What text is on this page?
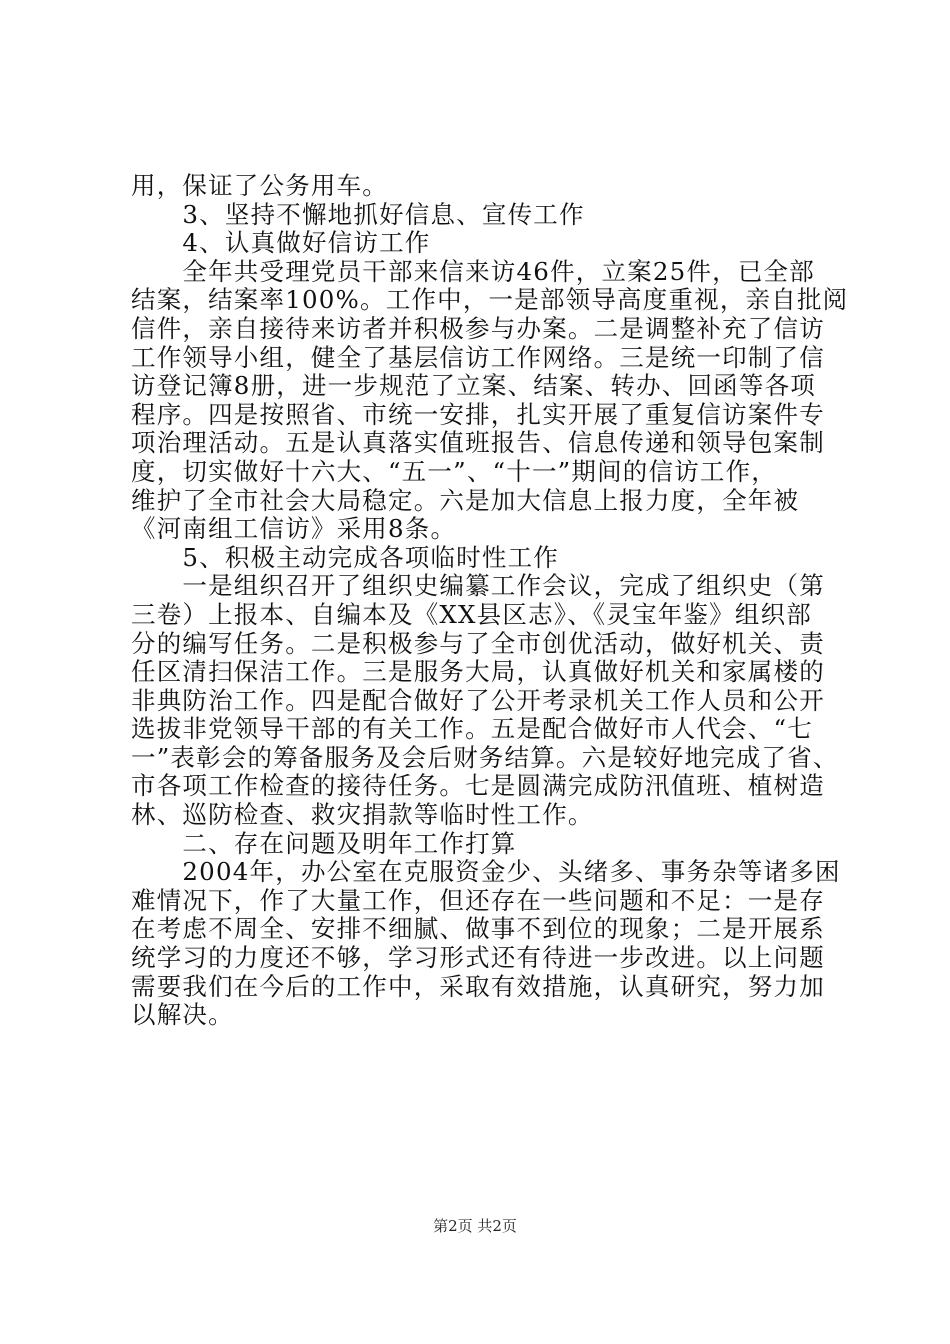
用，保证了公务用车。
　　3、坚持不懈地抓好信息、宣传工作
　　4、认真做好信访工作
　　全年共受理党员干部来信来访46件，立案25件，已全部
结案，结案率100%。工作中，一是部领导高度重视，亲自批阅
信件，亲自接待来访者并积极参与办案。二是调整补充了信访
工作领导小组，健全了基层信访工作网络。三是统一印制了信
访登记簿8册，进一步规范了立案、结案、转办、回函等各项
程序。四是按照省、市统一安排，扎实开展了重复信访案件专
项治理活动。五是认真落实值班报告、信息传递和领导包案制
度，切实做好十六大、“五一”、“十一”期间的信访工作，
维护了全市社会大局稳定。六是加大信息上报力度，全年被
《河南组工信访》采用8条。
　　5、积极主动完成各项临时性工作
　　一是组织召开了组织史编纂工作会议，完成了组织史（第
三卷）上报本、自编本及《XX县区志》、《灵宝年鉴》组织部
分的编写任务。二是积极参与了全市创优活动，做好机关、责
任区清扫保洁工作。三是服务大局，认真做好机关和家属楼的
非典防治工作。四是配合做好了公开考录机关工作人员和公开
选拔非党领导干部的有关工作。五是配合做好市人代会、“七
一”表彰会的筹备服务及会后财务结算。六是较好地完成了省、
市各项工作检查的接待任务。七是圆满完成防汛值班、植树造
林、巡防检查、救灾捐款等临时性工作。
　　二、存在问题及明年工作打算
　　2004年，办公室在克服资金少、头绪多、事务杂等诸多困
难情况下，作了大量工作，但还存在一些问题和不足：一是存
在考虑不周全、安排不细腻、做事不到位的现象；二是开展系
统学习的力度还不够，学习形式还有待进一步改进。以上问题
需要我们在今后的工作中，采取有效措施，认真研究，努力加
以解决。
第2页 共2页
